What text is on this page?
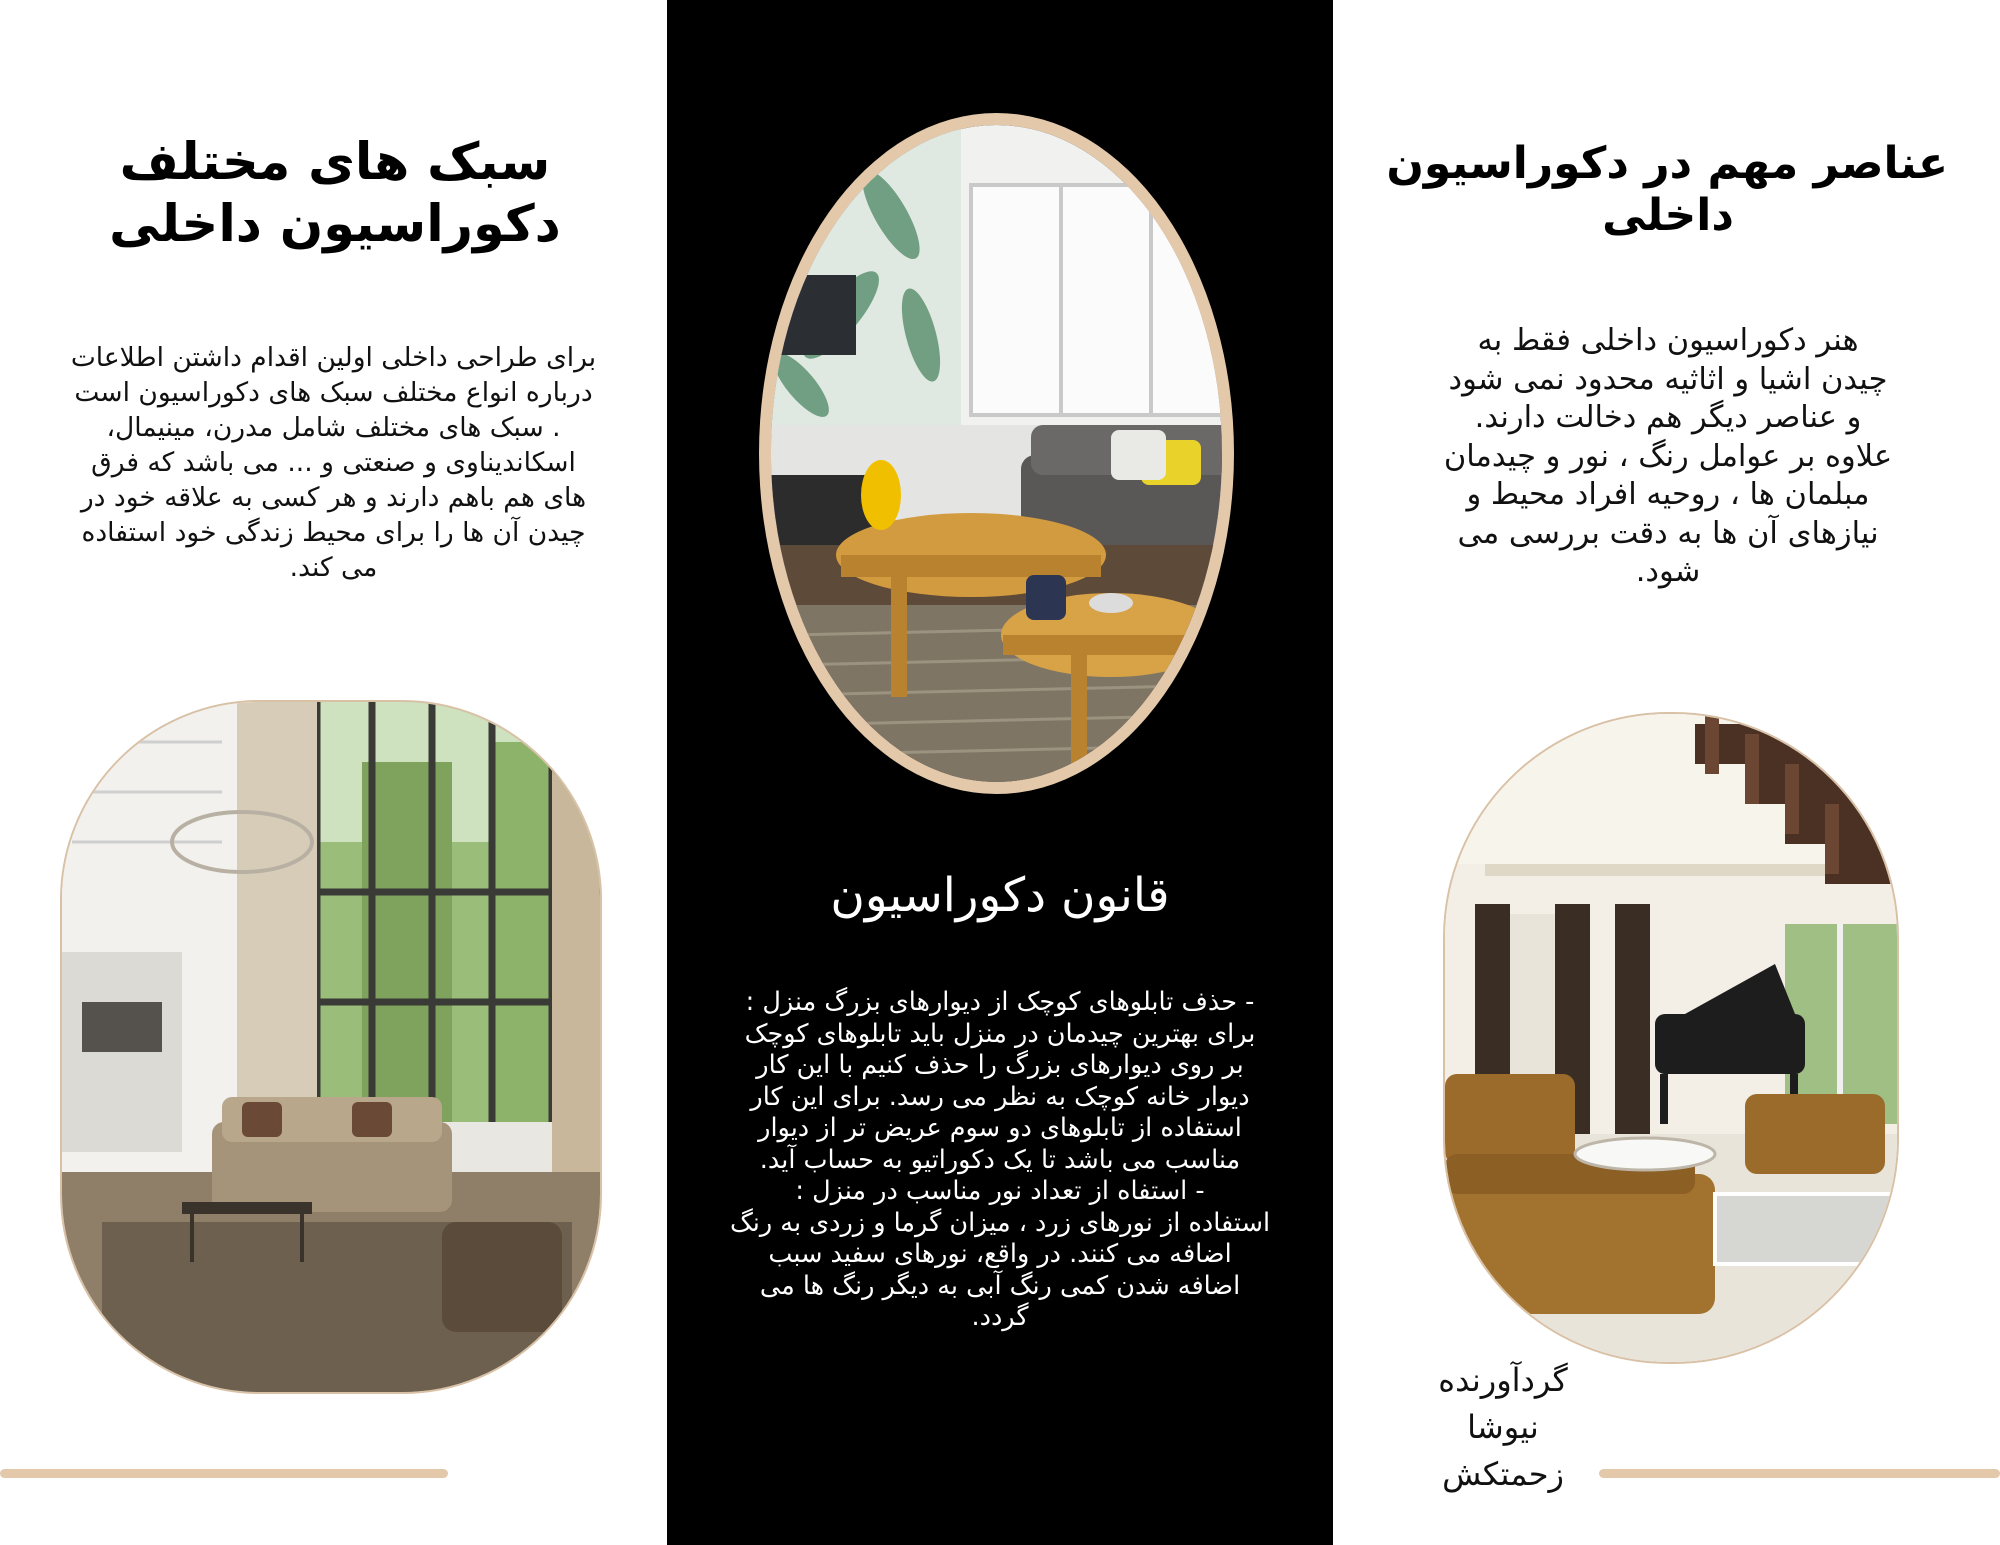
سبک های مختلف
دکوراسیون داخلی
برای طراحی داخلی اولین اقدام داشتن اطلاعات
درباره انواع مختلف سبک های دکوراسیون است
. سبک های مختلف شامل مدرن، مینیمال،
اسکاندیناوی و صنعتی و ... می باشد که فرق
های هم باهم دارند و هر کسی به علاقه خود در
چیدن آن ها را برای محیط زندگی خود استفاده
می کند.
قانون دکوراسیون
- حذف تابلوهای کوچک از دیوارهای بزرگ منزل :
برای بهترین چیدمان در منزل باید تابلوهای کوچک
بر روی دیوارهای بزرگ را حذف کنیم با این کار
دیوار خانه کوچک به نظر می رسد. برای این کار
استفاده از تابلوهای دو سوم عریض تر از دیوار
مناسب می باشد تا یک دکوراتیو به حساب آید.
- استفاه از تعداد نور مناسب در منزل :
استفاده از نورهای زرد ، میزان گرما و زردی به رنگ
اضافه می کنند. در واقع، نورهای سفید سبب
اضافه شدن کمی رنگ آبی به دیگر رنگ ها می
گردد.
عناصر مهم در دکوراسیون
داخلی
هنر دکوراسیون داخلی فقط به
چیدن اشیا و اثاثیه محدود نمی شود
و عناصر دیگر هم دخالت دارند.
علاوه بر عوامل رنگ ، نور و چیدمان
مبلمان ها ، روحیه افراد محیط و
نیازهای آن ها به دقت بررسی می
شود.
گردآورنده
نیوشا
زحمتکش
